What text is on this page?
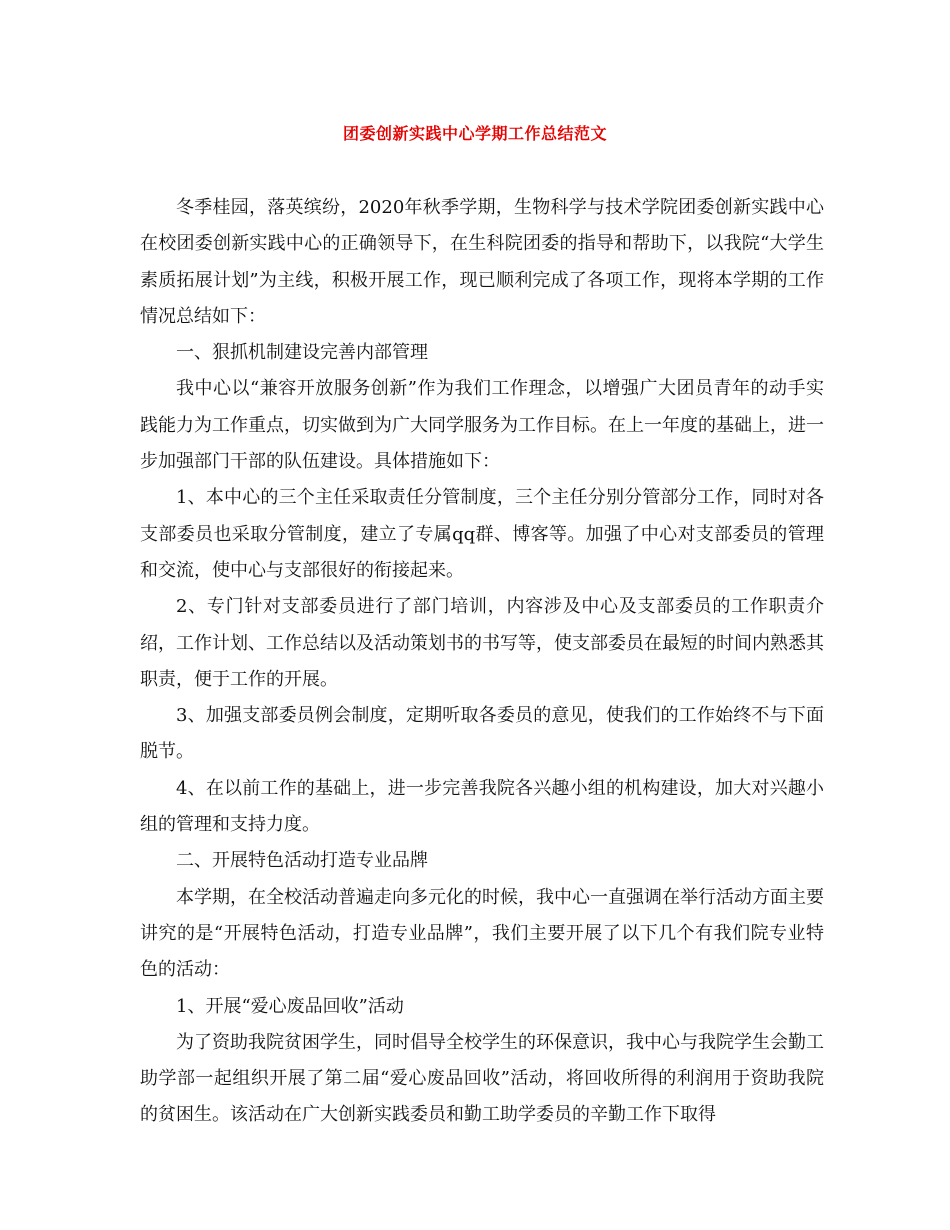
团委创新实践中心学期工作总结范文

冬季桂园，落英缤纷，2020年秋季学期，生物科学与技术学院团委创新实践中心在校团委创新实践中心的正确领导下，在生科院团委的指导和帮助下，以我院“大学生素质拓展计划”为主线，积极开展工作，现已顺利完成了各项工作，现将本学期的工作情况总结如下：

一、狠抓机制建设完善内部管理

我中心以“兼容开放服务创新”作为我们工作理念，以增强广大团员青年的动手实践能力为工作重点，切实做到为广大同学服务为工作目标。在上一年度的基础上，进一步加强部门干部的队伍建设。具体措施如下：

1、本中心的三个主任采取责任分管制度，三个主任分别分管部分工作，同时对各支部委员也采取分管制度，建立了专属qq群、博客等。加强了中心对支部委员的管理和交流，使中心与支部很好的衔接起来。

2、专门针对支部委员进行了部门培训，内容涉及中心及支部委员的工作职责介绍，工作计划、工作总结以及活动策划书的书写等，使支部委员在最短的时间内熟悉其职责，便于工作的开展。

3、加强支部委员例会制度，定期听取各委员的意见，使我们的工作始终不与下面脱节。

4、在以前工作的基础上，进一步完善我院各兴趣小组的机构建设，加大对兴趣小组的管理和支持力度。

二、开展特色活动打造专业品牌

本学期，在全校活动普遍走向多元化的时候，我中心一直强调在举行活动方面主要讲究的是“开展特色活动，打造专业品牌”，我们主要开展了以下几个有我们院专业特色的活动：

1、开展“爱心废品回收”活动

为了资助我院贫困学生，同时倡导全校学生的环保意识，我中心与我院学生会勤工助学部一起组织开展了第二届“爱心废品回收”活动，将回收所得的利润用于资助我院的贫困生。该活动在广大创新实践委员和勤工助学委员的辛勤工作下取得
